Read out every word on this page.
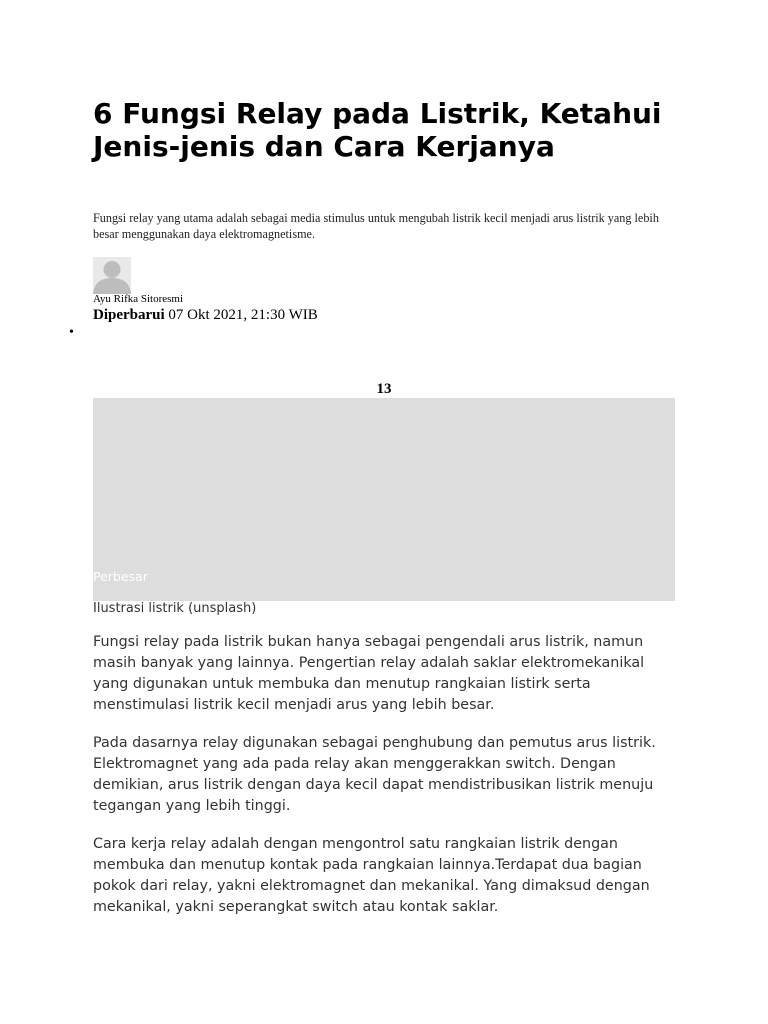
6 Fungsi Relay pada Listrik, Ketahui Jenis-jenis dan Cara Kerjanya

Fungsi relay yang utama adalah sebagai media stimulus untuk mengubah listrik kecil menjadi arus listrik yang lebih besar menggunakan daya elektromagnetisme.

Ayu Rifka Sitoresmi
Diperbarui 07 Okt 2021, 21:30 WIB
•
13
Perbesar
Ilustrasi listrik (unsplash)

Fungsi relay pada listrik bukan hanya sebagai pengendali arus listrik, namun masih banyak yang lainnya. Pengertian relay adalah saklar elektromekanikal yang digunakan untuk membuka dan menutup rangkaian listirk serta menstimulasi listrik kecil menjadi arus yang lebih besar.

Pada dasarnya relay digunakan sebagai penghubung dan pemutus arus listrik. Elektromagnet yang ada pada relay akan menggerakkan switch. Dengan demikian, arus listrik dengan daya kecil dapat mendistribusikan listrik menuju tegangan yang lebih tinggi.

Cara kerja relay adalah dengan mengontrol satu rangkaian listrik dengan membuka dan menutup kontak pada rangkaian lainnya.Terdapat dua bagian pokok dari relay, yakni elektromagnet dan mekanikal. Yang dimaksud dengan mekanikal, yakni seperangkat switch atau kontak saklar.
